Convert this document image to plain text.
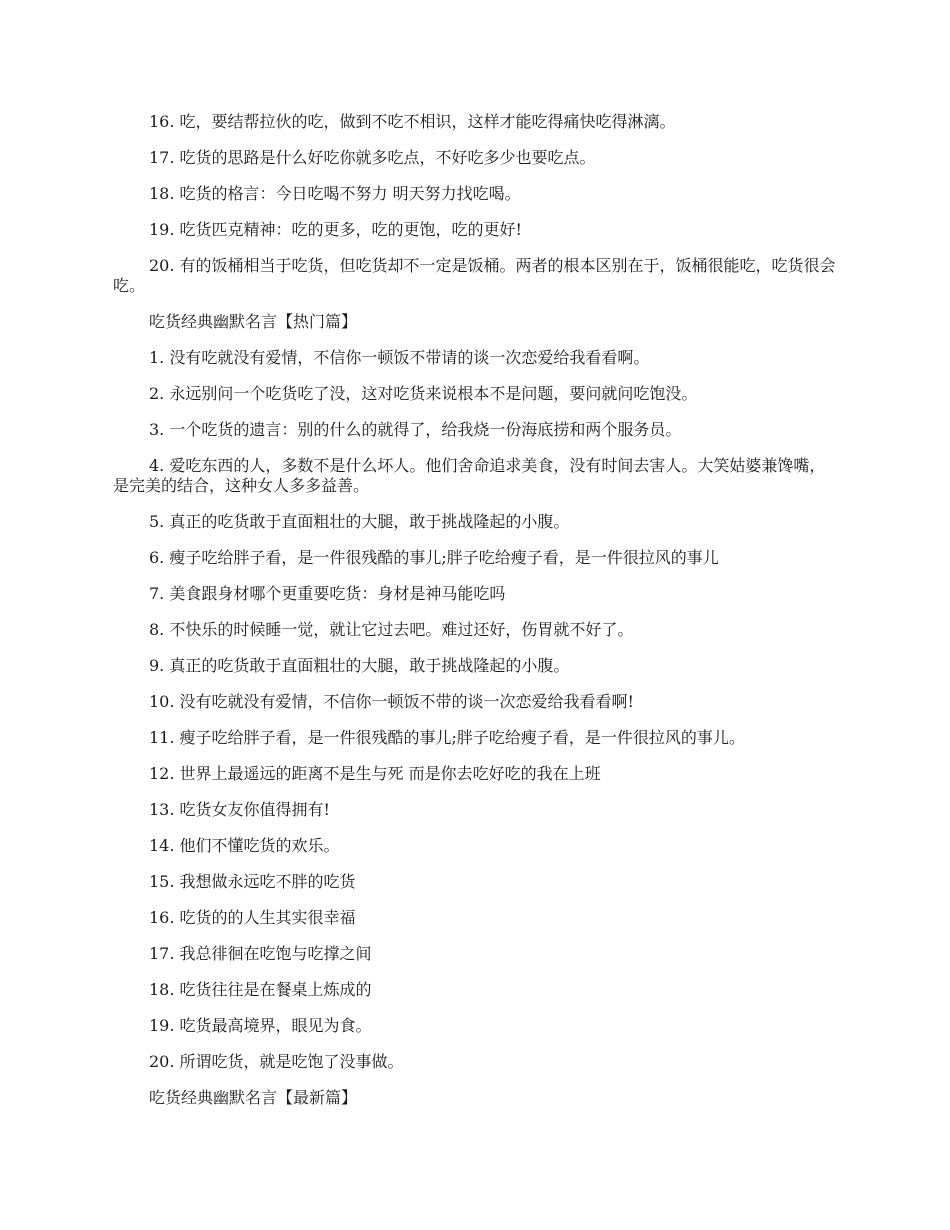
16. 吃，要结帮拉伙的吃，做到不吃不相识，这样才能吃得痛快吃得淋漓。

17. 吃货的思路是什么好吃你就多吃点，不好吃多少也要吃点。

18. 吃货的格言：今日吃喝不努力 明天努力找吃喝。

19. 吃货匹克精神：吃的更多，吃的更饱，吃的更好!

20. 有的饭桶相当于吃货，但吃货却不一定是饭桶。两者的根本区别在于，饭桶很能吃，吃货很会吃。

吃货经典幽默名言【热门篇】

1. 没有吃就没有爱情，不信你一顿饭不带请的谈一次恋爱给我看看啊。

2. 永远别问一个吃货吃了没，这对吃货来说根本不是问题，要问就问吃饱没。

3. 一个吃货的遗言：别的什么的就得了，给我烧一份海底捞和两个服务员。

4. 爱吃东西的人，多数不是什么坏人。他们舍命追求美食，没有时间去害人。大笑姑婆兼馋嘴，是完美的结合，这种女人多多益善。

5. 真正的吃货敢于直面粗壮的大腿，敢于挑战隆起的小腹。

6. 瘦子吃给胖子看，是一件很残酷的事儿;胖子吃给瘦子看，是一件很拉风的事儿

7. 美食跟身材哪个更重要吃货：身材是神马能吃吗

8. 不快乐的时候睡一觉，就让它过去吧。难过还好，伤胃就不好了。

9. 真正的吃货敢于直面粗壮的大腿，敢于挑战隆起的小腹。

10. 没有吃就没有爱情，不信你一顿饭不带的谈一次恋爱给我看看啊!

11. 瘦子吃给胖子看，是一件很残酷的事儿;胖子吃给瘦子看，是一件很拉风的事儿。

12. 世界上最遥远的距离不是生与死 而是你去吃好吃的我在上班

13. 吃货女友你值得拥有!

14. 他们不懂吃货的欢乐。

15. 我想做永远吃不胖的吃货

16. 吃货的的人生其实很幸福

17. 我总徘徊在吃饱与吃撑之间

18. 吃货往往是在餐桌上炼成的

19. 吃货最高境界，眼见为食。

20. 所谓吃货，就是吃饱了没事做。

吃货经典幽默名言【最新篇】
